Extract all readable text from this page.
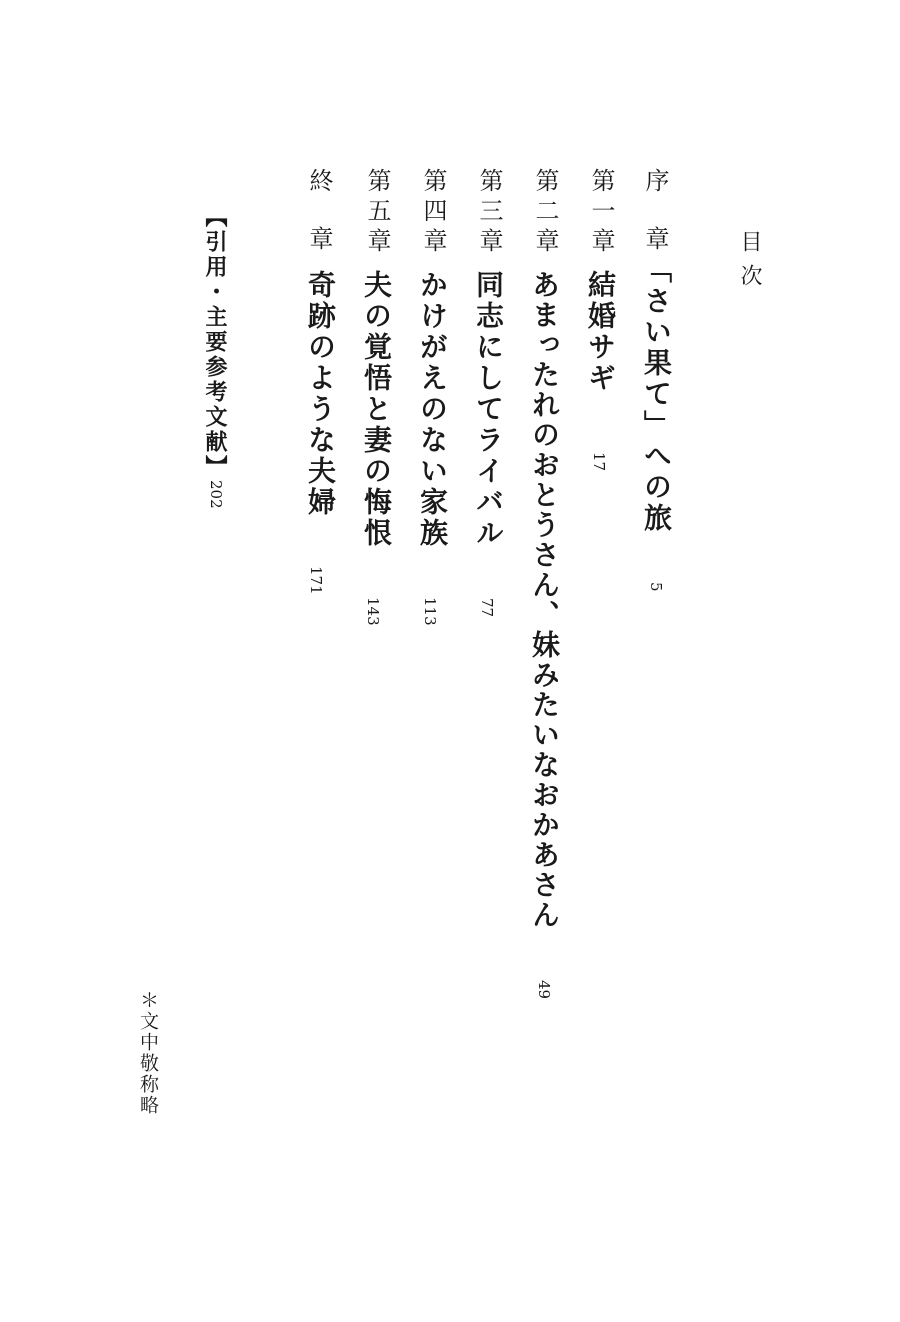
目次
序章
「さい果て」への旅
5
第一章
結婚サギ
17
第二章
あまったれのおとうさん、妹みたいなおかあさん
49
第三章
同志にしてライバル
77
第四章
かけがえのない家族
113
第五章
夫の覚悟と妻の悔恨
143
終章
奇跡のような夫婦
171
【引用・主要参考文献】
202
＊文中敬称略
